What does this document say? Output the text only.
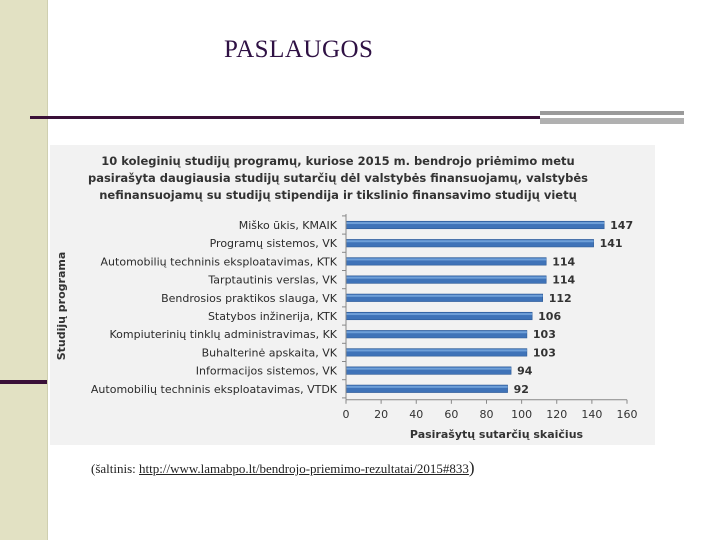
PASLAUGOS
10 koleginių studijų programų, kuriose 2015 m. bendrojo priėmimo metu
pasirašyta daugiausia studijų sutarčių dėl valstybės finansuojamų, valstybės
nefinansuojamų su studijų stipendija ir tikslinio finansavimo studijų vietų
Studijų programa
Miško ūkis, KMAIK
Programų sistemos, VK
Automobilių techninis eksploatavimas, KTK
Tarptautinis verslas, VK
Bendrosios praktikos slauga, VK
Statybos inžinerija, KTK
Kompiuterinių tinklų administravimas, KK
Buhalterinė apskaita, VK
Informacijos sistemos, VK
Automobilių techninis eksploatavimas, VTDK
147
141
114
114
112
106
103
103
94
92
0 20 40 60 80 100 120 140 160
Pasirašytų sutarčių skaičius
(šaltinis: http://www.lamabpo.lt/bendrojo-priemimo-rezultatai/2015#833)
